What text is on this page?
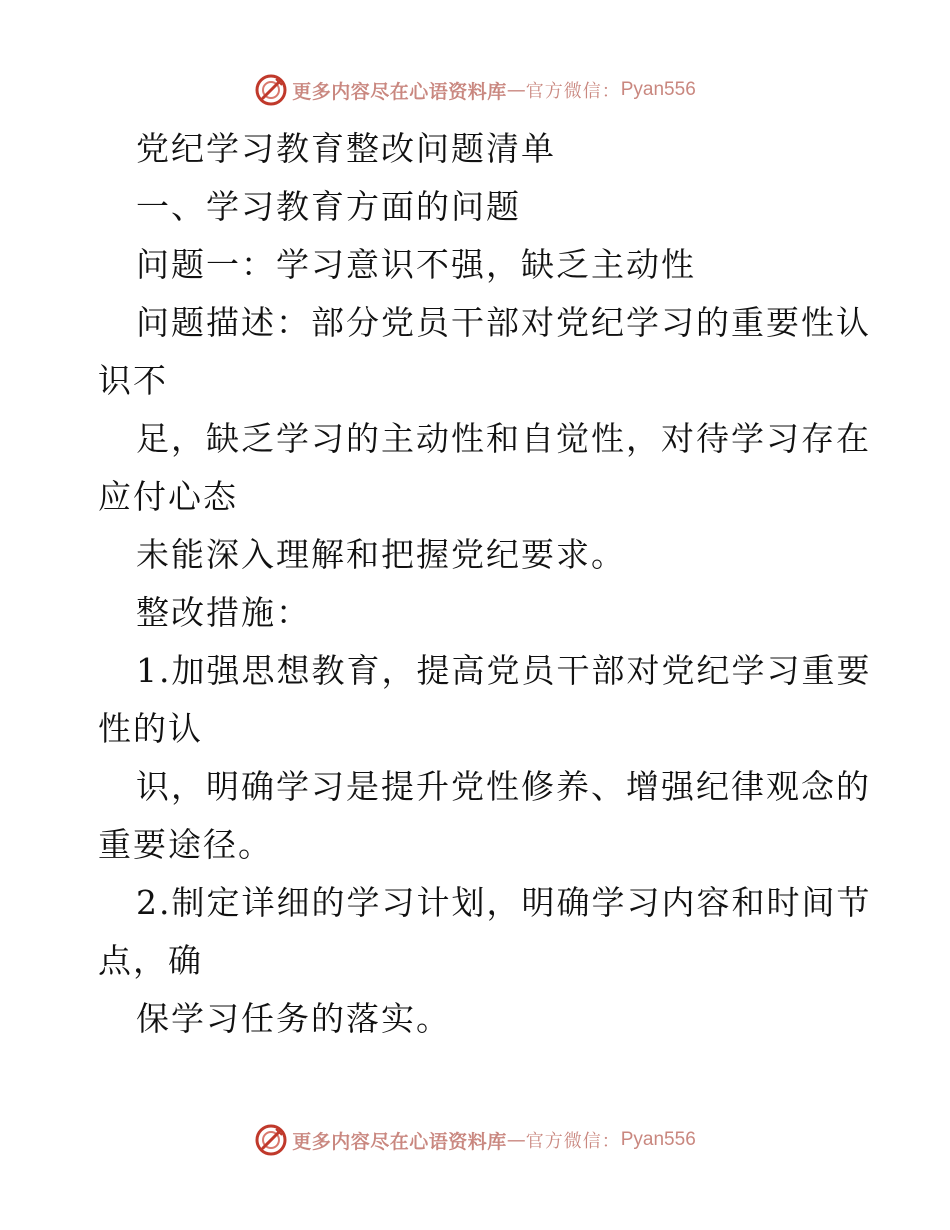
更多内容尽在心语资料库 — 官方微信： Pyan556
党纪学习教育整改问题清单
一、学习教育方面的问题
问题一：学习意识不强，缺乏主动性
问题描述：部分党员干部对党纪学习的重要性认
识不
足，缺乏学习的主动性和自觉性，对待学习存在
应付心态
未能深入理解和把握党纪要求。
整改措施：
1.加强思想教育，提高党员干部对党纪学习重要
性的认
识，明确学习是提升党性修养、增强纪律观念的
重要途径。
2.制定详细的学习计划，明确学习内容和时间节
点，确
保学习任务的落实。
更多内容尽在心语资料库 — 官方微信： Pyan556
